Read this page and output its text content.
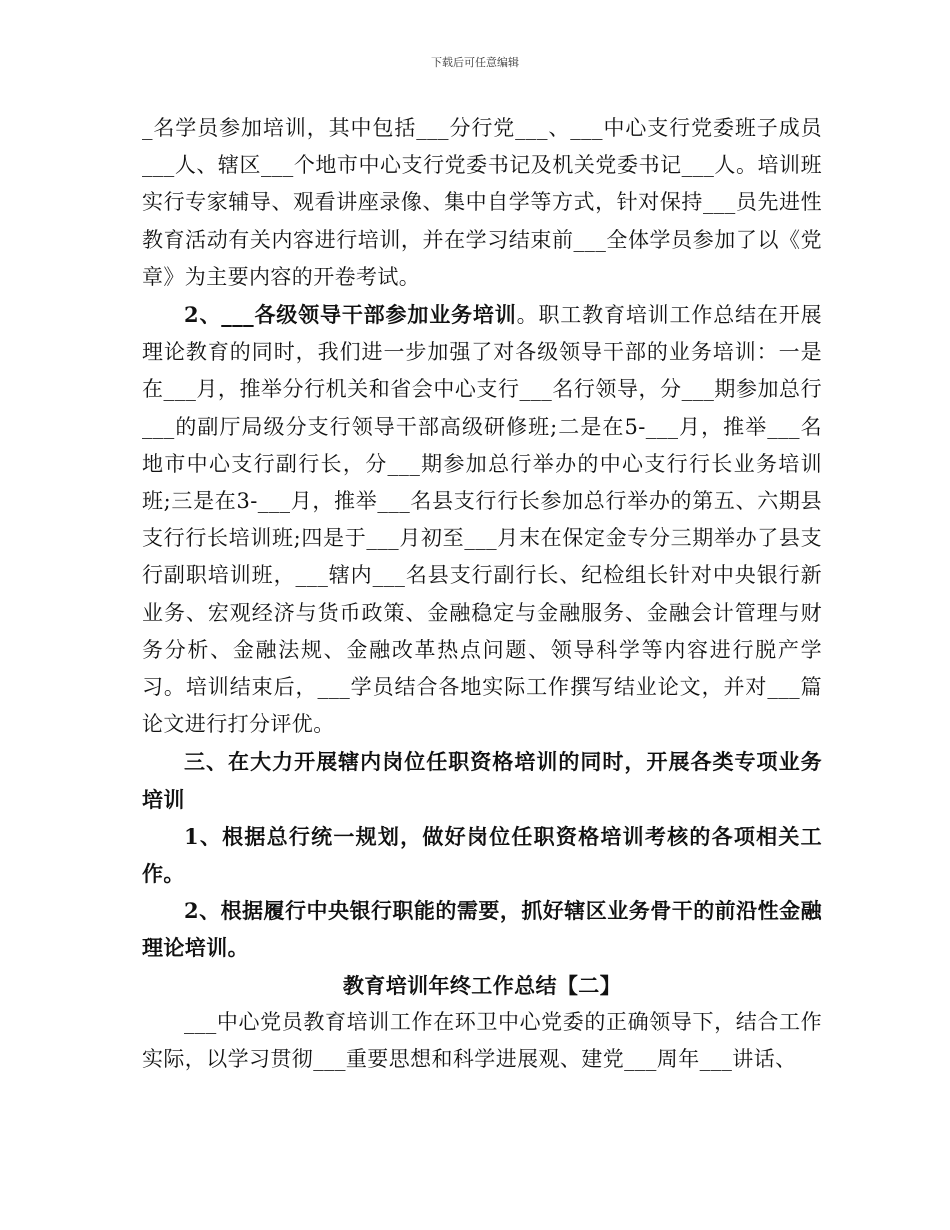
下载后可任意编辑

_名学员参加培训，其中包括___分行党___、___中心支行党委班子成员___人、辖区___个地市中心支行党委书记及机关党委书记___人。培训班实行专家辅导、观看讲座录像、集中自学等方式，针对保持___员先进性教育活动有关内容进行培训，并在学习结束前___全体学员参加了以《党章》为主要内容的开卷考试。

2、___各级领导干部参加业务培训。职工教育培训工作总结在开展理论教育的同时，我们进一步加强了对各级领导干部的业务培训：一是在___月，推举分行机关和省会中心支行___名行领导，分___期参加总行___的副厅局级分支行领导干部高级研修班;二是在5-___月，推举___名地市中心支行副行长，分___期参加总行举办的中心支行行长业务培训班;三是在3-___月，推举___名县支行行长参加总行举办的第五、六期县支行行长培训班;四是于___月初至___月末在保定金专分三期举办了县支行副职培训班，___辖内___名县支行副行长、纪检组长针对中央银行新业务、宏观经济与货币政策、金融稳定与金融服务、金融会计管理与财务分析、金融法规、金融改革热点问题、领导科学等内容进行脱产学习。培训结束后，___学员结合各地实际工作撰写结业论文，并对___篇论文进行打分评优。

三、在大力开展辖内岗位任职资格培训的同时，开展各类专项业务培训

1、根据总行统一规划，做好岗位任职资格培训考核的各项相关工作。

2、根据履行中央银行职能的需要，抓好辖区业务骨干的前沿性金融理论培训。

教育培训年终工作总结【二】

___中心党员教育培训工作在环卫中心党委的正确领导下，结合工作实际，以学习贯彻___重要思想和科学进展观、建党___周年___讲话、
